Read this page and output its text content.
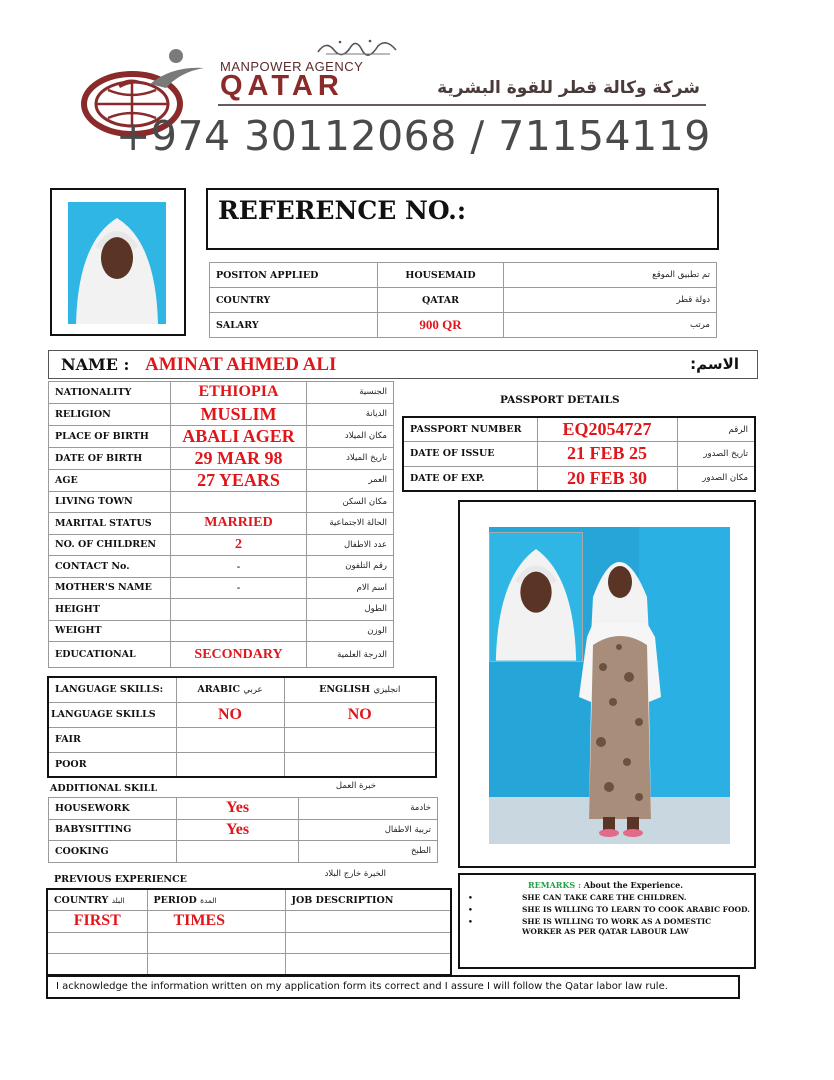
MANPOWER AGENCY
QATAR	شركة وكالة قطر للقوة البشرية
+974 30112068 / 71154119
REFERENCE NO.:
POSITON APPLIED	HOUSEMAID	تم تطبيق الموقع
COUNTRY	QATAR	دولة قطر
SALARY	900 QR	مرتب
NAME : AMINAT AHMED ALI	الاسم:
NATIONALITY	ETHIOPIA	الجنسية
RELIGION	MUSLIM	الديانة
PLACE OF BIRTH	ABALI AGER	مكان الميلاد
DATE OF BIRTH	29 MAR 98	تاريخ الميلاد
AGE	27 YEARS	العمر
LIVING TOWN		مكان السكن
MARITAL STATUS	MARRIED	الحالة الاجتماعية
NO. OF CHILDREN	2	عدد الاطفال
CONTACT No.	-	رقم التلفون
MOTHER'S NAME	-	اسم الام
HEIGHT		الطول
WEIGHT		الوزن
EDUCATIONAL	SECONDARY	الدرجة العلمية
PASSPORT DETAILS
PASSPORT NUMBER	EQ2054727	الرقم
DATE OF ISSUE	21 FEB 25	تاريخ الصدور
DATE OF EXP.	20 FEB 30	مكان الصدور
LANGUAGE SKILLS:	ARABIC عربي	ENGLISH انجليزي
LANGUAGE SKILLS	NO	NO
FAIR		
POOR		
ADDITIONAL SKILL	خبرة العمل
HOUSEWORK	Yes	خادمة
BABYSITTING	Yes	تربية الاطفال
COOKING		الطبخ
PREVIOUS EXPERIENCE	الخبرة خارج البلاد
COUNTRY البلد	PERIOD المدة	JOB DESCRIPTION
FIRST	TIMES	

REMARKS : About the Experience.
•	SHE CAN TAKE CARE THE CHILDREN.
•	SHE IS WILLING TO LEARN TO COOK ARABIC FOOD.
•	SHE IS WILLING TO WORK AS A DOMESTIC WORKER AS PER QATAR LABOUR LAW
I acknowledge the information written on my application form its correct and I assure I will follow the Qatar labor law rule.
